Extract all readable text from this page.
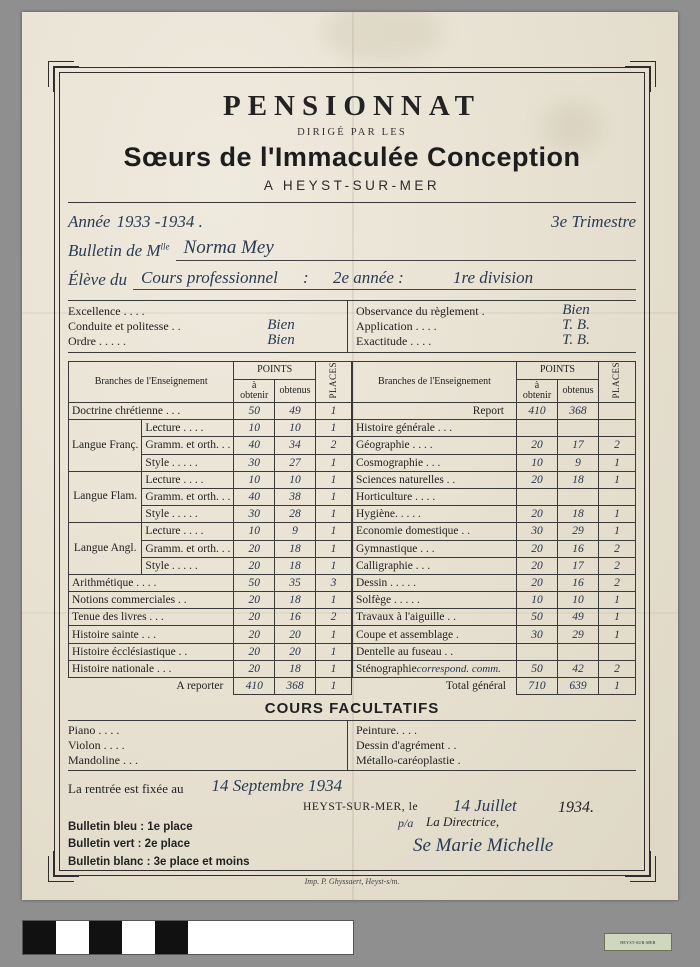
PENSIONNAT
DIRIGÉ PAR LES
Sœurs de l'Immaculée Conception
A HEYST-SUR-MER
Année 1933 -1934 .	3e Trimestre
Bulletin de $M^{lle}$ Norma Mey
Élève du Cours professionnel : 2e année :	1re division
Excellence . . . .
Conduite et politesse . .	Bien
Ordre . . . . .	Bien
Observance du règlement .	Bien
Application . . . .	T. B.
Exactitude . . . .	T. B.
Branches de l'Enseignement		POINTS		PLACES
		à obtenir	obtenus	
Doctrine chrétienne . . .		50	49	1
Langue Franç.	Lecture . . . .	10	10	1
	Gramm. et orth. . .	40	34	2
	Style . . . . .	30	27	1
Langue Flam.	Lecture . . . .	10	10	1
	Gramm. et orth. . .	40	38	1
	Style . . . . .	30	28	1
Langue Angl.	Lecture . . . .	10	9	1
	Gramm. et orth. . .	20	18	1
	Style . . . . .	20	18	1
Arithmétique . . . .		50	35	3
Notions commerciales . .		20	18	1
Tenue des livres . . .		20	16	2
Histoire sainte . . .		20	20	1
Histoire écclésiastique . .		20	20	1
Histoire nationale . . .		20	18	1
A reporter		410	368	1
Branches de l'Enseignement	POINTS		PLACES
	à obtenir	obtenus	
Report	410	368	
Histoire générale . . .			
Géographie . . . .	20	17	2
Cosmographie . . .	10	9	1
Sciences naturelles . .	20	18	1
Horticulture . . . .			
Hygiène. . . . .	20	18	1
Economie domestique . .	30	29	1
Gymnastique . . .	20	16	2
Calligraphie . . .	20	17	2
Dessin . . . . .	20	16	2
Solfège . . . . .	10	10	1
Travaux à l'aiguille . .	50	49	1
Coupe et assemblage .	30	29	1
Dentelle au fuseau . .			
Sténographiecorrespond. comm.	50	42	2
Total général	710	639	1
COURS FACULTATIFS
Piano . . . .
Violon . . . .
Mandoline . . .
Peinture. . . .
Dessin d'agrément . .
Métallo-caréoplastie .
La rentrée est fixée au	14 Septembre 1934
HEYST-SUR-MER, le 14 Juillet	1934.
p/a La Directrice,
Se Marie Michelle
Bulletin bleu : 1e place
Bulletin vert : 2e place
Bulletin blanc : 3e place et moins
Imp. P. Ghyssaert, Heyst-s/m.
HEYST-SUR-MER
